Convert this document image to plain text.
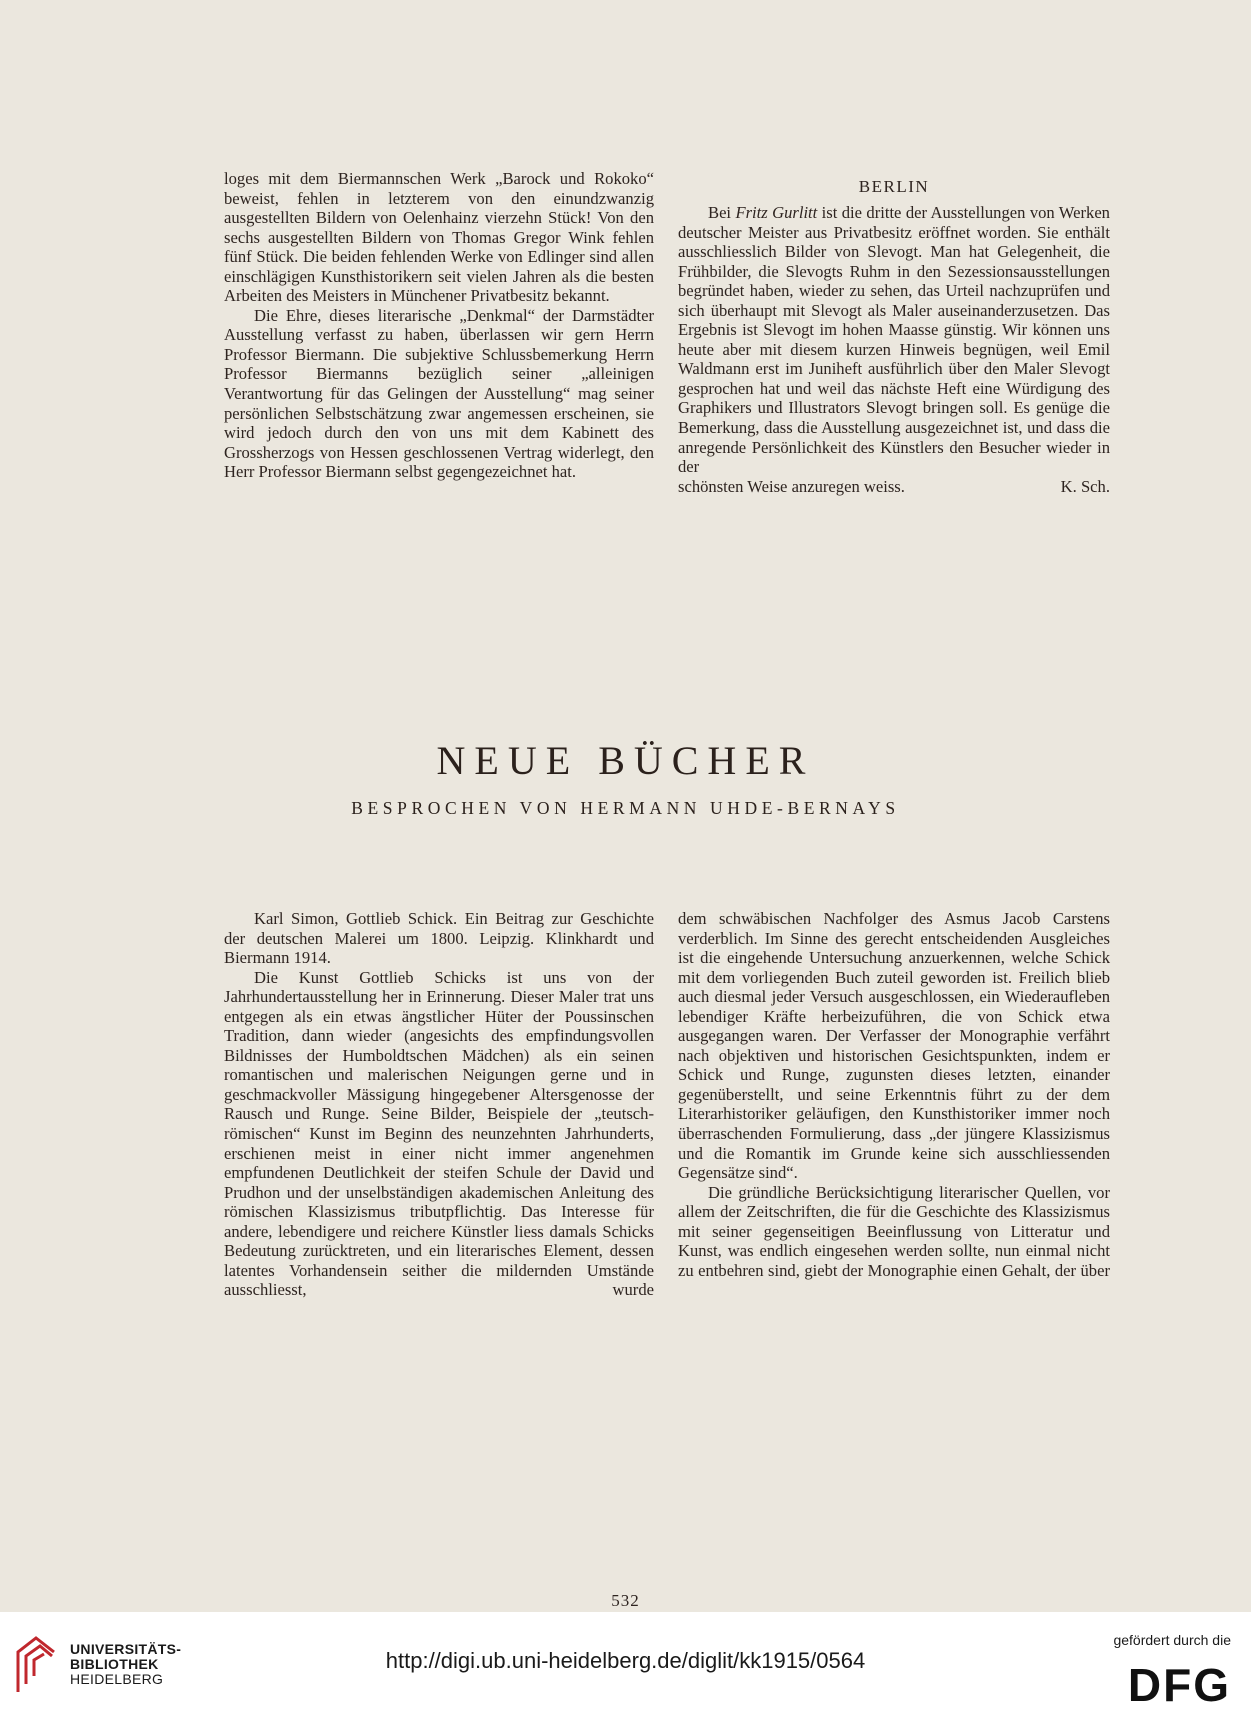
loges mit dem Biermannschen Werk „Barock und Rokoko“ beweist, fehlen in letzterem von den einundzwanzig ausgestellten Bildern von Oelenhainz vierzehn Stück! Von den sechs ausgestellten Bildern von Thomas Gregor Wink fehlen fünf Stück. Die beiden fehlenden Werke von Edlinger sind allen einschlägigen Kunsthistorikern seit vielen Jahren als die besten Arbeiten des Meisters in Münchener Privatbesitz bekannt.

Die Ehre, dieses literarische „Denkmal“ der Darmstädter Ausstellung verfasst zu haben, überlassen wir gern Herrn Professor Biermann. Die subjektive Schlussbemerkung Herrn Professor Biermanns bezüglich seiner „alleinigen Verantwortung für das Gelingen der Ausstellung“ mag seiner persönlichen Selbstschätzung zwar angemessen erscheinen, sie wird jedoch durch den von uns mit dem Kabinett des Grossherzogs von Hessen geschlossenen Vertrag widerlegt, den Herr Professor Biermann selbst gegengezeichnet hat.

BERLIN

Bei Fritz Gurlitt ist die dritte der Ausstellungen von Werken deutscher Meister aus Privatbesitz eröffnet worden. Sie enthält ausschliesslich Bilder von Slevogt. Man hat Gelegenheit, die Frühbilder, die Slevogts Ruhm in den Sezessionsausstellungen begründet haben, wieder zu sehen, das Urteil nachzuprüfen und sich überhaupt mit Slevogt als Maler auseinanderzusetzen. Das Ergebnis ist Slevogt im hohen Maasse günstig. Wir können uns heute aber mit diesem kurzen Hinweis begnügen, weil Emil Waldmann erst im Juniheft ausführlich über den Maler Slevogt gesprochen hat und weil das nächste Heft eine Würdigung des Graphikers und Illustrators Slevogt bringen soll. Es genüge die Bemerkung, dass die Ausstellung ausgezeichnet ist, und dass die anregende Persönlichkeit des Künstlers den Besucher wieder in der

schönsten Weise anzuregen weiss.	K. Sch.

NEUE BÜCHER
BESPROCHEN VON HERMANN UHDE-BERNAYS

Karl Simon, Gottlieb Schick. Ein Beitrag zur Geschichte der deutschen Malerei um 1800. Leipzig. Klinkhardt und Biermann 1914.

Die Kunst Gottlieb Schicks ist uns von der Jahrhundertausstellung her in Erinnerung. Dieser Maler trat uns entgegen als ein etwas ängstlicher Hüter der Poussinschen Tradition, dann wieder (angesichts des empfindungsvollen Bildnisses der Humboldtschen Mädchen) als ein seinen romantischen und malerischen Neigungen gerne und in geschmackvoller Mässigung hingegebener Altersgenosse der Rausch und Runge. Seine Bilder, Beispiele der „teutsch-römischen“ Kunst im Beginn des neunzehnten Jahrhunderts, erschienen meist in einer nicht immer angenehmen empfundenen Deutlichkeit der steifen Schule der David und Prudhon und der unselbständigen akademischen Anleitung des römischen Klassizismus tributpflichtig. Das Interesse für andere, lebendigere und reichere Künstler liess damals Schicks Bedeutung zurücktreten, und ein literarisches Element, dessen latentes Vorhandensein seither die mildernden Umstände ausschliesst, wurde

dem schwäbischen Nachfolger des Asmus Jacob Carstens verderblich. Im Sinne des gerecht entscheidenden Ausgleiches ist die eingehende Untersuchung anzuerkennen, welche Schick mit dem vorliegenden Buch zuteil geworden ist. Freilich blieb auch diesmal jeder Versuch ausgeschlossen, ein Wiederaufleben lebendiger Kräfte herbeizuführen, die von Schick etwa ausgegangen waren. Der Verfasser der Monographie verfährt nach objektiven und historischen Gesichtspunkten, indem er Schick und Runge, zugunsten dieses letzten, einander gegenüberstellt, und seine Erkenntnis führt zu der dem Literarhistoriker geläufigen, den Kunsthistoriker immer noch überraschenden Formulierung, dass „der jüngere Klassizismus und die Romantik im Grunde keine sich ausschliessenden Gegensätze sind“.

Die gründliche Berücksichtigung literarischer Quellen, vor allem der Zeitschriften, die für die Geschichte des Klassizismus mit seiner gegenseitigen Beeinflussung von Litteratur und Kunst, was endlich eingesehen werden sollte, nun einmal nicht zu entbehren sind, giebt der Monographie einen Gehalt, der über

532
UNIVERSITÄTS-
BIBLIOTHEK
HEIDELBERG
http://digi.ub.uni-heidelberg.de/diglit/kk1915/0564
gefördert durch die
DFG
